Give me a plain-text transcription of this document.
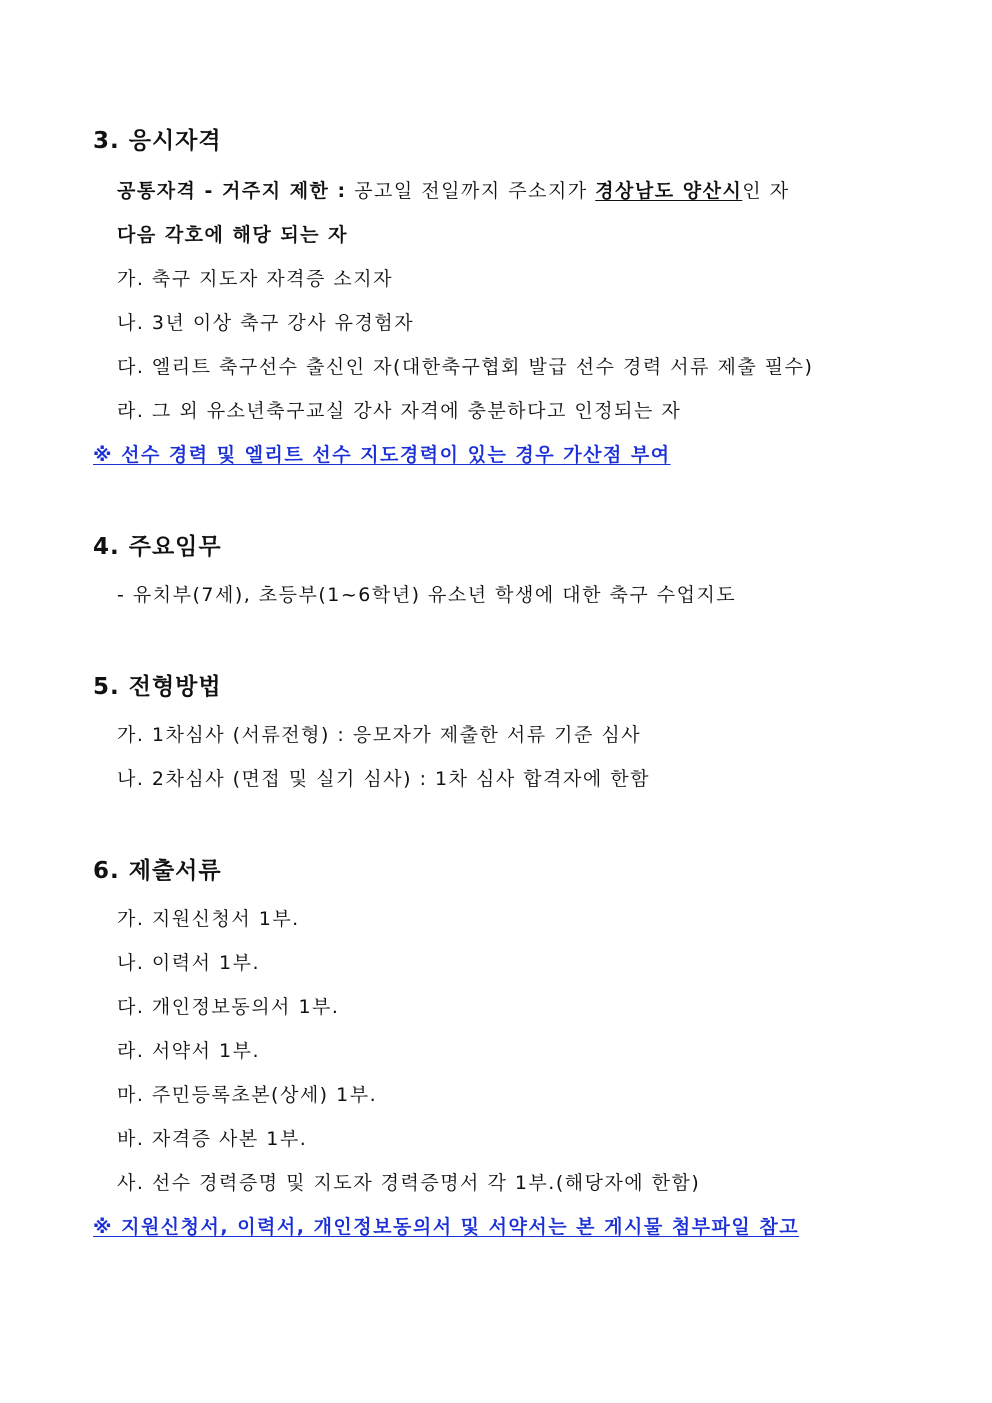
3. 응시자격
공통자격 - 거주지 제한 : 공고일 전일까지 주소지가 경상남도 양산시인 자
다음 각호에 해당 되는 자
가. 축구 지도자 자격증 소지자
나. 3년 이상 축구 강사 유경험자
다. 엘리트 축구선수 출신인 자(대한축구협회 발급 선수 경력 서류 제출 필수)
라. 그 외 유소년축구교실 강사 자격에 충분하다고 인정되는 자
※ 선수 경력 및 엘리트 선수 지도경력이 있는 경우 가산점 부여
4. 주요임무
- 유치부(7세), 초등부(1~6학년) 유소년 학생에 대한 축구 수업지도
5. 전형방법
가. 1차심사 (서류전형) : 응모자가 제출한 서류 기준 심사
나. 2차심사 (면접 및 실기 심사) : 1차 심사 합격자에 한함
6. 제출서류
가. 지원신청서 1부.
나. 이력서 1부.
다. 개인정보동의서 1부.
라. 서약서 1부.
마. 주민등록초본(상세) 1부.
바. 자격증 사본 1부.
사. 선수 경력증명 및 지도자 경력증명서 각 1부.(해당자에 한함)
※ 지원신청서, 이력서, 개인정보동의서 및 서약서는 본 게시물 첨부파일 참고
